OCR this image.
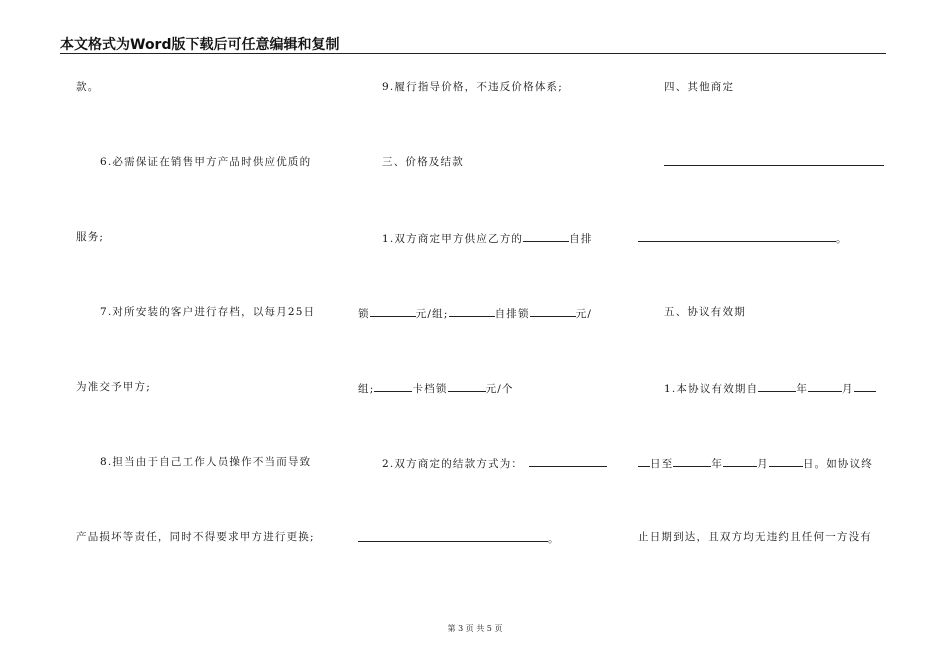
本文格式为Word版下载后可任意编辑和复制
款。
6.必需保证在销售甲方产品时供应优质的
服务;
7.对所安装的客户进行存档，以每月25日
为准交予甲方;
8.担当由于自己工作人员操作不当而导致
产品损坏等责任，同时不得要求甲方进行更换;
9.履行指导价格，不违反价格体系;
三、价格及结款
1.双方商定甲方供应乙方的	自排
锁	元/组;	自排锁	元/
组;	卡档锁	元/个
2.双方商定的结款方式为：
。
四、其他商定
。
五、协议有效期
1.本协议有效期自	年	月
日至	年	月	日。如协议终
止日期到达，且双方均无违约且任何一方没有
第 3 页 共 5 页
